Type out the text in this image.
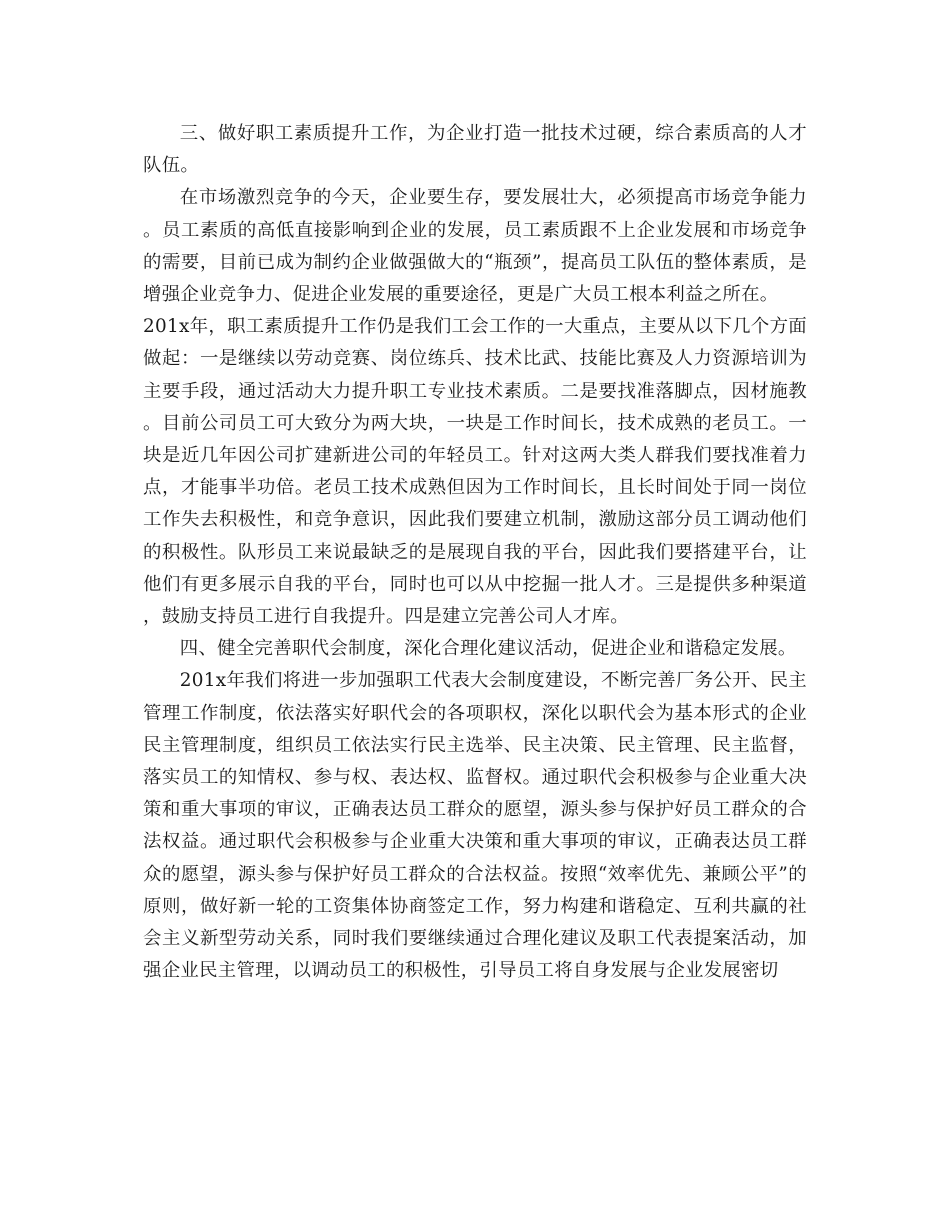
三、做好职工素质提升工作，为企业打造一批技术过硬，综合素质高的人才队伍。

在市场激烈竞争的今天，企业要生存，要发展壮大，必须提高市场竞争能力。员工素质的高低直接影响到企业的发展，员工素质跟不上企业发展和市场竞争的需要，目前已成为制约企业做强做大的“瓶颈”，提高员工队伍的整体素质，是增强企业竞争力、促进企业发展的重要途径，更是广大员工根本利益之所在。

201x年，职工素质提升工作仍是我们工会工作的一大重点，主要从以下几个方面做起：一是继续以劳动竞赛、岗位练兵、技术比武、技能比赛及人力资源培训为主要手段，通过活动大力提升职工专业技术素质。二是要找准落脚点，因材施教。目前公司员工可大致分为两大块，一块是工作时间长，技术成熟的老员工。一块是近几年因公司扩建新进公司的年轻员工。针对这两大类人群我们要找准着力点，才能事半功倍。老员工技术成熟但因为工作时间长，且长时间处于同一岗位工作失去积极性，和竞争意识，因此我们要建立机制，激励这部分员工调动他们的积极性。队形员工来说最缺乏的是展现自我的平台，因此我们要搭建平台，让他们有更多展示自我的平台，同时也可以从中挖掘一批人才。三是提供多种渠道，鼓励支持员工进行自我提升。四是建立完善公司人才库。

四、健全完善职代会制度，深化合理化建议活动，促进企业和谐稳定发展。

201x年我们将进一步加强职工代表大会制度建设，不断完善厂务公开、民主管理工作制度，依法落实好职代会的各项职权，深化以职代会为基本形式的企业民主管理制度，组织员工依法实行民主选举、民主决策、民主管理、民主监督，落实员工的知情权、参与权、表达权、监督权。通过职代会积极参与企业重大决策和重大事项的审议，正确表达员工群众的愿望，源头参与保护好员工群众的合法权益。通过职代会积极参与企业重大决策和重大事项的审议，正确表达员工群众的愿望，源头参与保护好员工群众的合法权益。按照“效率优先、兼顾公平”的原则，做好新一轮的工资集体协商签定工作，努力构建和谐稳定、互利共赢的社会主义新型劳动关系，同时我们要继续通过合理化建议及职工代表提案活动，加强企业民主管理，以调动员工的积极性，引导员工将自身发展与企业发展密切
